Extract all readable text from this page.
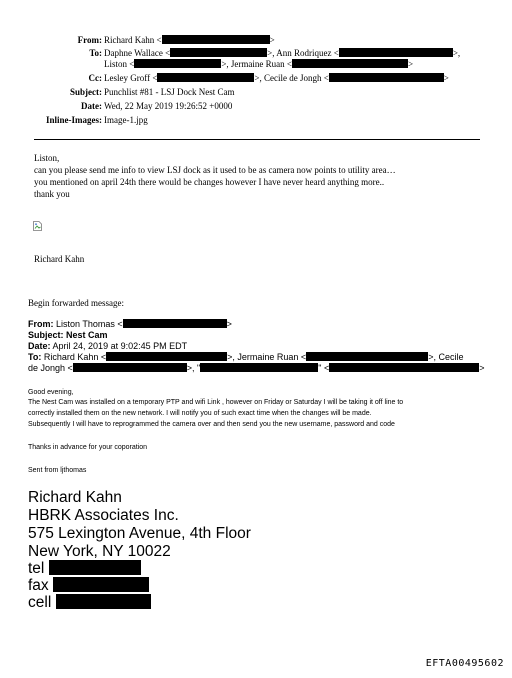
From: Richard Kahn <	>
To: Daphne Wallace <	>, Ann Rodriquez <	>,
Liston <	>, Jermaine Ruan <	>
Cc: Lesley Groff <	>, Cecile de Jongh <	>
Subject: Punchlist #81 - LSJ Dock Nest Cam
Date: Wed, 22 May 2019 19:26:52 +0000
Inline-Images: Image-1.jpg
Liston,
can you please send me info to view LSJ dock as it used to be as camera now points to utility area…
you mentioned on april 24th there would be changes however I have never heard anything more..
thank you
Richard Kahn
Begin forwarded message:
From: Liston Thomas <	>
Subject: Nest Cam
Date: April 24, 2019 at 9:02:45 PM EDT
To: Richard Kahn <	>, Jermaine Ruan <	>, Cecile
de Jongh <	>, "	" <	>
Good evening,
The Nest Cam was installed on a temporary PTP and wifi Link , however on Friday or Saturday I will be taking it off line to
correctly installed them on the new network. I will notify you of such exact time when the changes will be made.
Subsequently I will have to reprogrammed the camera over and then send you the new username, password and code
Thanks in advance for your coporation
Sent from ljthomas
Richard Kahn
HBRK Associates Inc.
575 Lexington Avenue, 4th Floor
New York, NY 10022
tel
fax
cell
EFTA00495602
